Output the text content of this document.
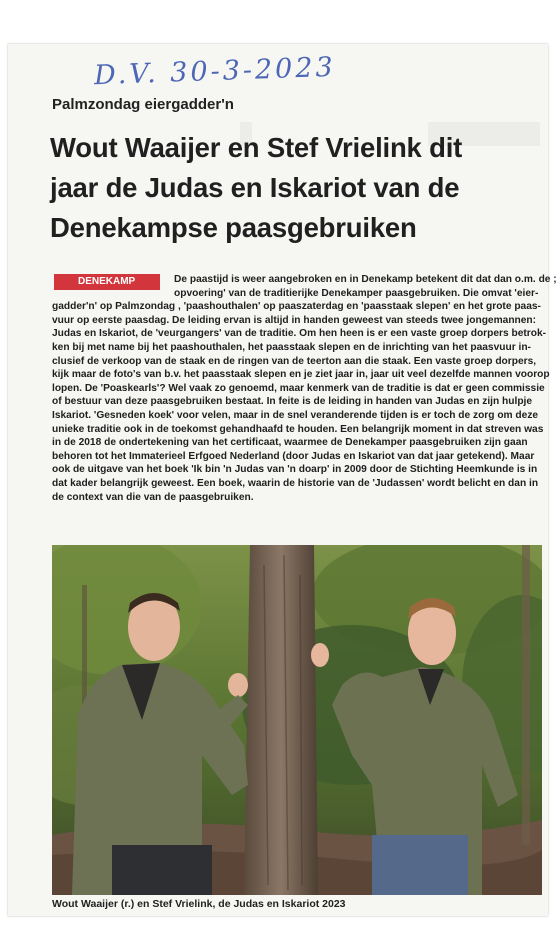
D.V. 30-3-2023
Palmzondag eiergadder'n
Wout Waaijer en Stef Vrielink dit
jaar de Judas en Iskariot van de
Denekampse paasgebruiken
De paastijd is weer aangebroken en in Denekamp betekent dit dat dan o.m. de ;
opvoering' van de traditierijke Denekamper paasgebruiken. Die omvat 'eier-
gadder'n' op Palmzondag , 'paashouthalen' op paaszaterdag en 'paasstaak slepen' en het grote paas-
vuur op eerste paasdag. De leiding ervan is altijd in handen geweest van steeds twee jongemannen:
Judas en Iskariot, de 'veurgangers' van de traditie. Om hen heen is er een vaste groep dorpers betrok-
ken bij met name bij het paashouthalen, het paasstaak slepen en de inrichting van het paasvuur in-
clusief de verkoop van de staak en de ringen van de teerton aan die staak. Een vaste groep dorpers,
kijk maar de foto's van b.v. het paasstaak slepen en je ziet jaar in, jaar uit veel dezelfde mannen voorop
lopen. De 'Poaskearls'? Wel vaak zo genoemd, maar kenmerk van de traditie is dat er geen commissie
of bestuur van deze paasgebruiken bestaat. In feite is de leiding in handen van Judas en zijn hulpje
Iskariot. 'Gesneden koek' voor velen, maar in de snel veranderende tijden is er toch de zorg om deze
unieke traditie ook in de toekomst gehandhaafd te houden. Een belangrijk moment in dat streven was
in de 2018 de ondertekening van het certificaat, waarmee de Denekamper paasgebruiken zijn gaan
behoren tot het Immaterieel Erfgoed Nederland (door Judas en Iskariot van dat jaar getekend). Maar
ook de uitgave van het boek 'Ik bin 'n Judas van 'n doarp' in 2009 door de Stichting Heemkunde is in
dat kader belangrijk geweest. Een boek, waarin de historie van de 'Judassen' wordt belicht en dan in
de context van die van de paasgebruiken.
DENEKAMP
Wout Waaijer (r.) en Stef Vrielink, de Judas en Iskariot 2023
